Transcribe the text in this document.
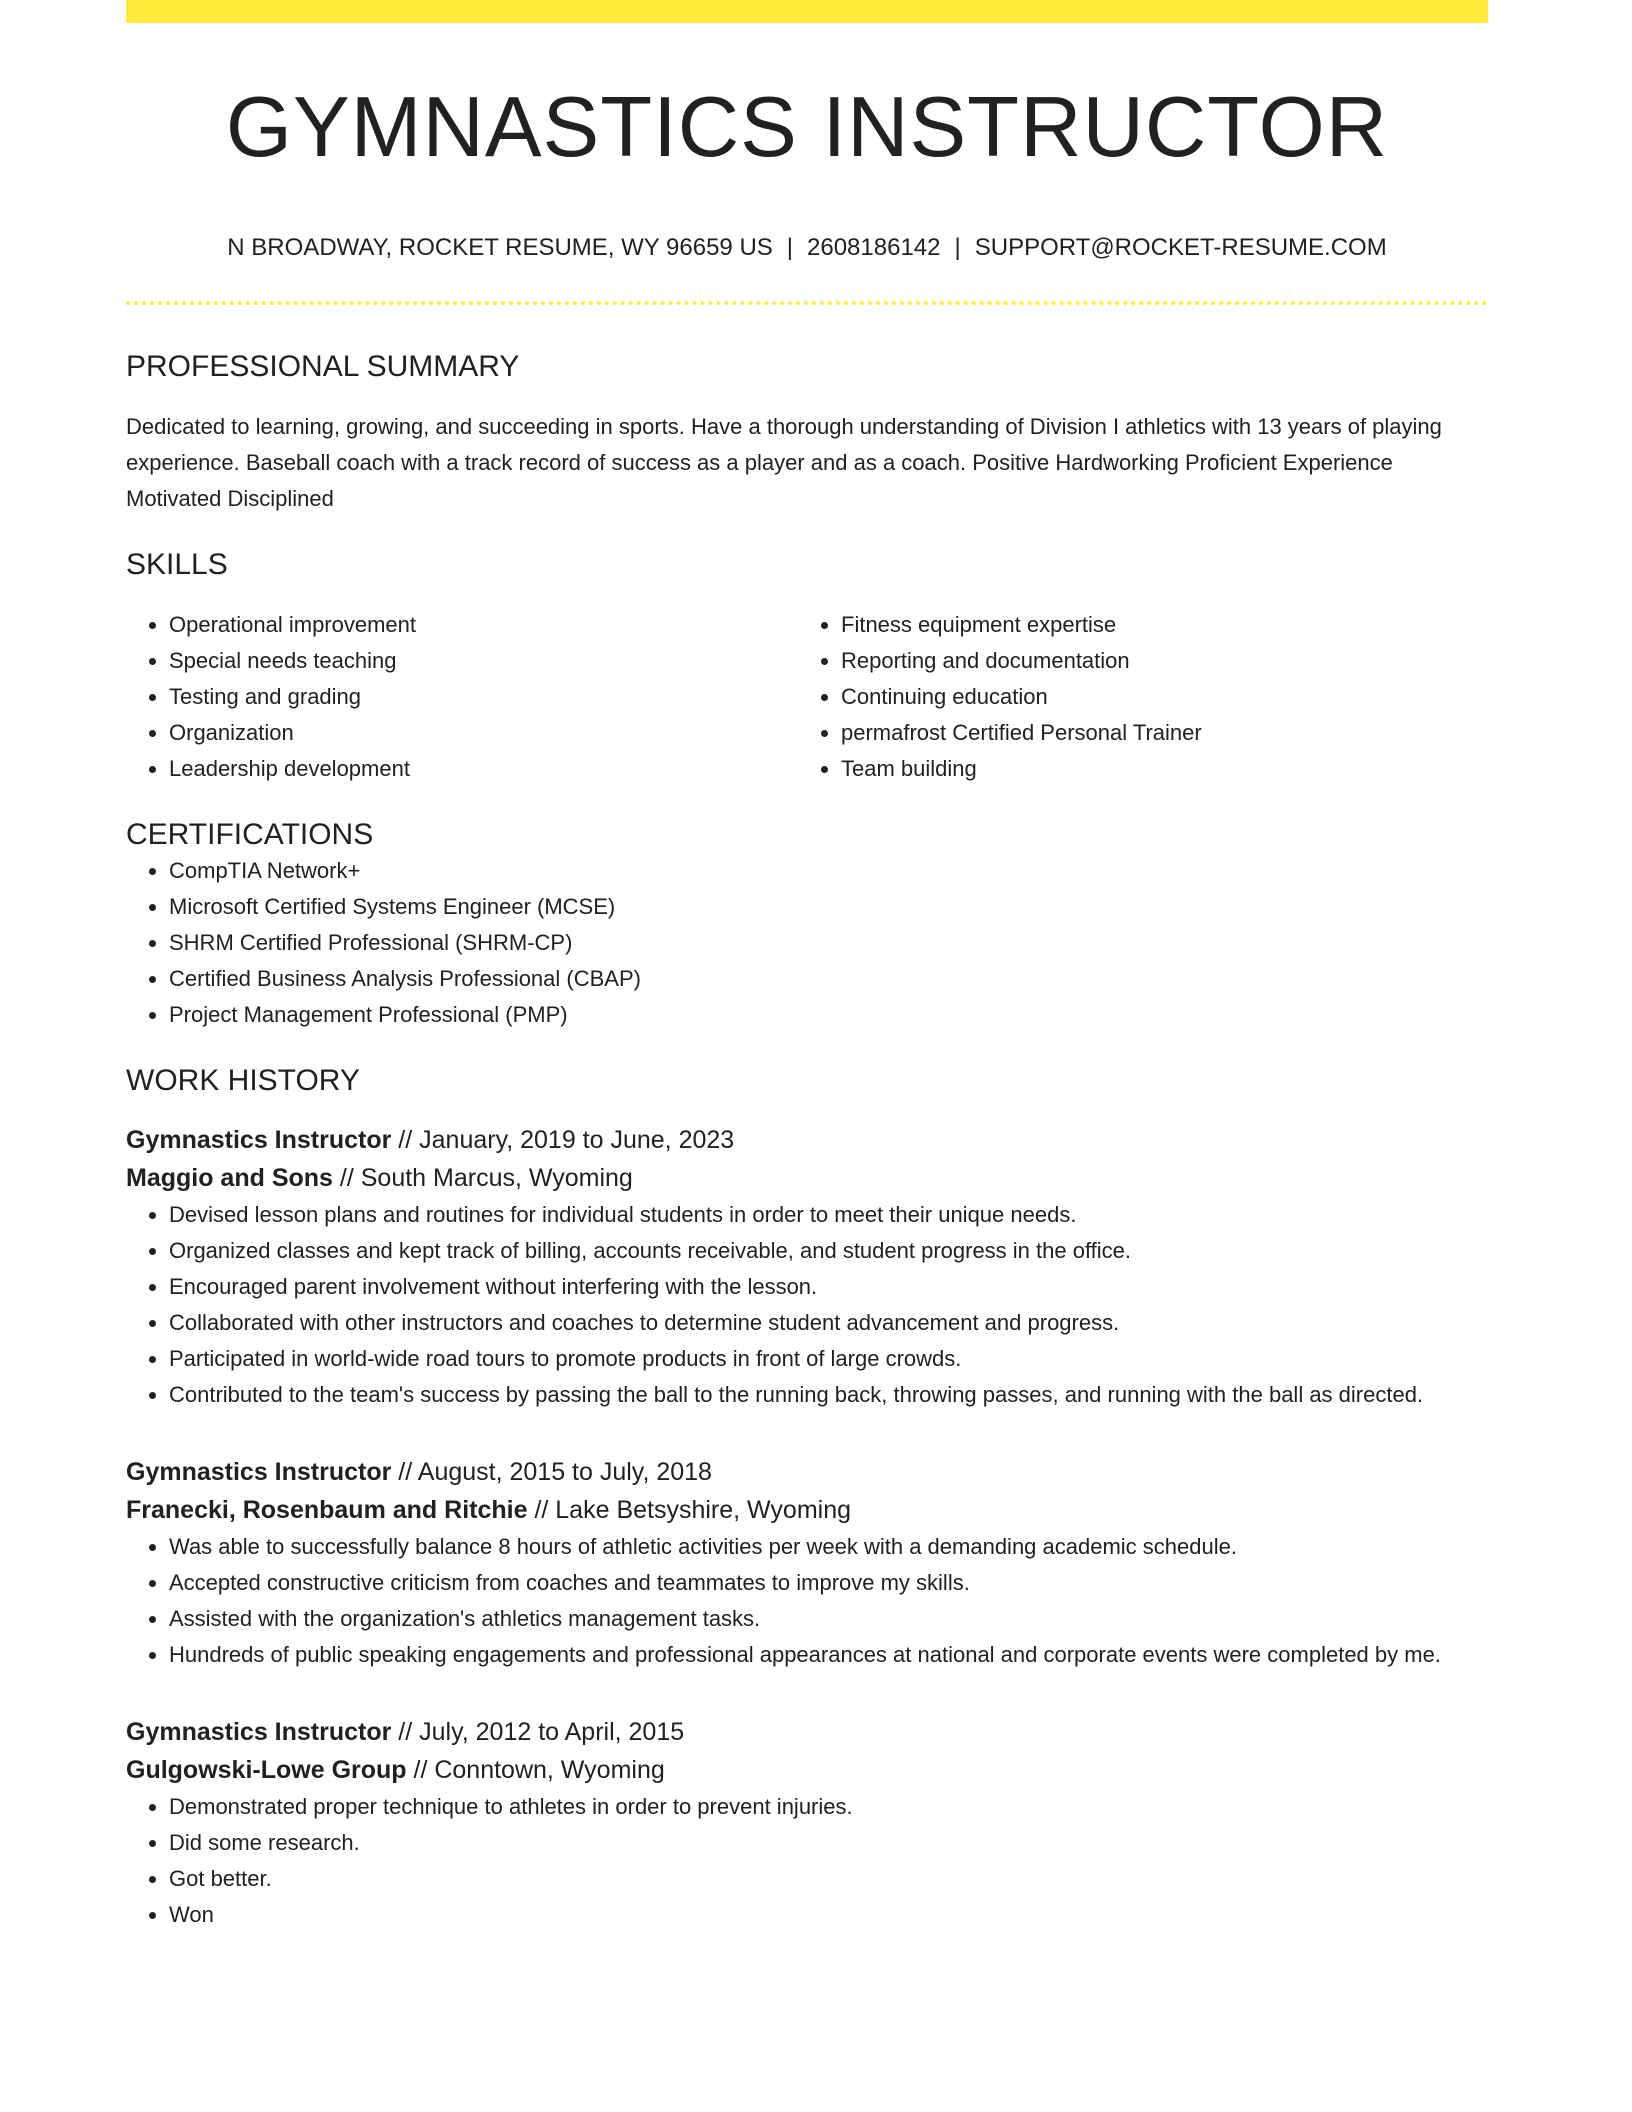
GYMNASTICS INSTRUCTOR
N BROADWAY, ROCKET RESUME, WY 96659 US | 2608186142 | SUPPORT@ROCKET-RESUME.COM
PROFESSIONAL SUMMARY

Dedicated to learning, growing, and succeeding in sports. Have a thorough understanding of Division I athletics with 13 years of playing experience. Baseball coach with a track record of success as a player and as a coach. Positive Hardworking Proficient Experience Motivated Disciplined

SKILLS
• Operational improvement
• Special needs teaching
• Testing and grading
• Organization
• Leadership development
• Fitness equipment expertise
• Reporting and documentation
• Continuing education
• permafrost Certified Personal Trainer
• Team building
CERTIFICATIONS
• CompTIA Network+
• Microsoft Certified Systems Engineer (MCSE)
• SHRM Certified Professional (SHRM-CP)
• Certified Business Analysis Professional (CBAP)
• Project Management Professional (PMP)
WORK HISTORY
Gymnastics Instructor // January, 2019 to June, 2023
Maggio and Sons // South Marcus, Wyoming
• Devised lesson plans and routines for individual students in order to meet their unique needs.
• Organized classes and kept track of billing, accounts receivable, and student progress in the office.
• Encouraged parent involvement without interfering with the lesson.
• Collaborated with other instructors and coaches to determine student advancement and progress.
• Participated in world-wide road tours to promote products in front of large crowds.
• Contributed to the team's success by passing the ball to the running back, throwing passes, and running with the ball as directed.
Gymnastics Instructor // August, 2015 to July, 2018
Franecki, Rosenbaum and Ritchie // Lake Betsyshire, Wyoming
• Was able to successfully balance 8 hours of athletic activities per week with a demanding academic schedule.
• Accepted constructive criticism from coaches and teammates to improve my skills.
• Assisted with the organization's athletics management tasks.
• Hundreds of public speaking engagements and professional appearances at national and corporate events were completed by me.
Gymnastics Instructor // July, 2012 to April, 2015
Gulgowski-Lowe Group // Conntown, Wyoming
• Demonstrated proper technique to athletes in order to prevent injuries.
• Did some research.
• Got better.
• Won
